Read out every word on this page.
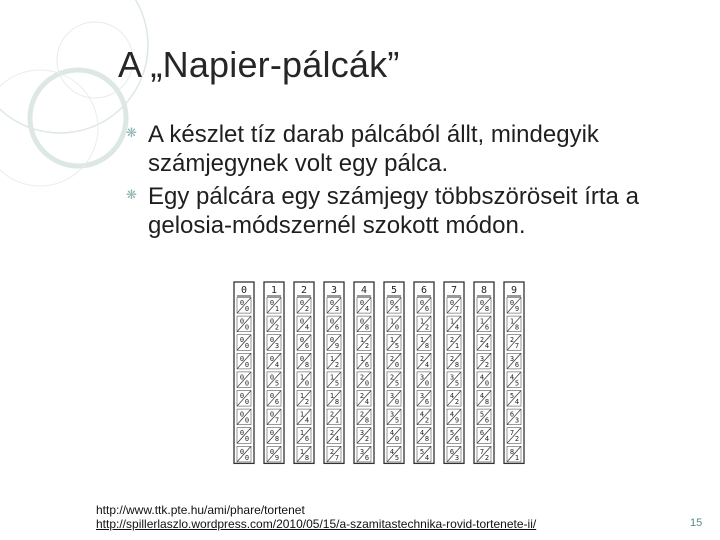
A „Napier-pálcák”
❋ A készlet tíz darab pálcából állt, mindegyik számjegynek volt egy pálca.
❋ Egy pálcára egy számjegy többszöröseit írta a gelosia-módszernél szokott módon.
0
0
0
0
0
0
0
0
0
0
0
0
0
0
0
0
0
0
0
1
0
1
0
2
0
3
0
4
0
5
0
6
0
7
0
8
0
9
2
0
2
0
4
0
6
0
8
1
0
1
2
1
4
1
6
1
8
3
0
3
0
6
0
9
1
2
1
5
1
8
2
1
2
4
2
7
4
0
4
0
8
1
2
1
6
2
0
2
4
2
8
3
2
3
6
5
0
5
1
0
1
5
2
0
2
5
3
0
3
5
4
0
4
5
6
0
6
1
2
1
8
2
4
3
0
3
6
4
2
4
8
5
4
7
0
7
1
4
2
1
2
8
3
5
4
2
4
9
5
6
6
3
8
0
8
1
6
2
4
3
2
4
0
4
8
5
6
6
4
7
2
9
0
9
1
8
2
7
3
6
4
5
5
4
6
3
7
2
8
1
http://www.ttk.pte.hu/ami/phare/tortenet
http://spillerlaszlo.wordpress.com/2010/05/15/a-szamitastechnika-rovid-tortenete-ii/	15
